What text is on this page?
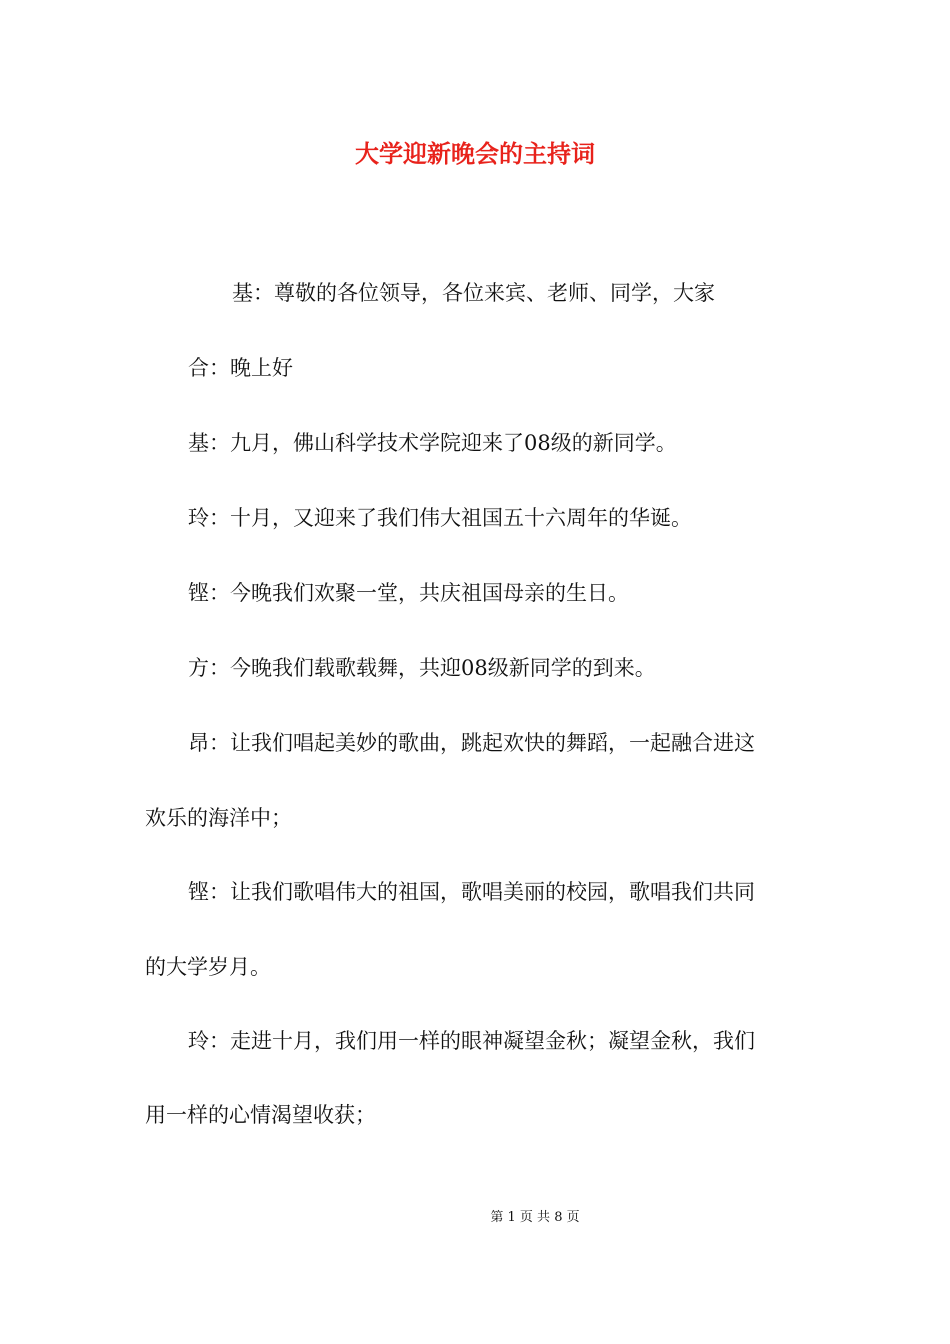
大学迎新晚会的主持词
基：尊敬的各位领导，各位来宾、老师、同学，大家
合：晚上好
基：九月，佛山科学技术学院迎来了08级的新同学。
玲：十月，又迎来了我们伟大祖国五十六周年的华诞。
铿：今晚我们欢聚一堂，共庆祖国母亲的生日。
方：今晚我们载歌载舞，共迎08级新同学的到来。
昂：让我们唱起美妙的歌曲，跳起欢快的舞蹈，一起融合进这
欢乐的海洋中；
铿：让我们歌唱伟大的祖国，歌唱美丽的校园，歌唱我们共同
的大学岁月。
玲：走进十月，我们用一样的眼神凝望金秋；凝望金秋，我们
用一样的心情渴望收获；
第 1 页 共 8 页
